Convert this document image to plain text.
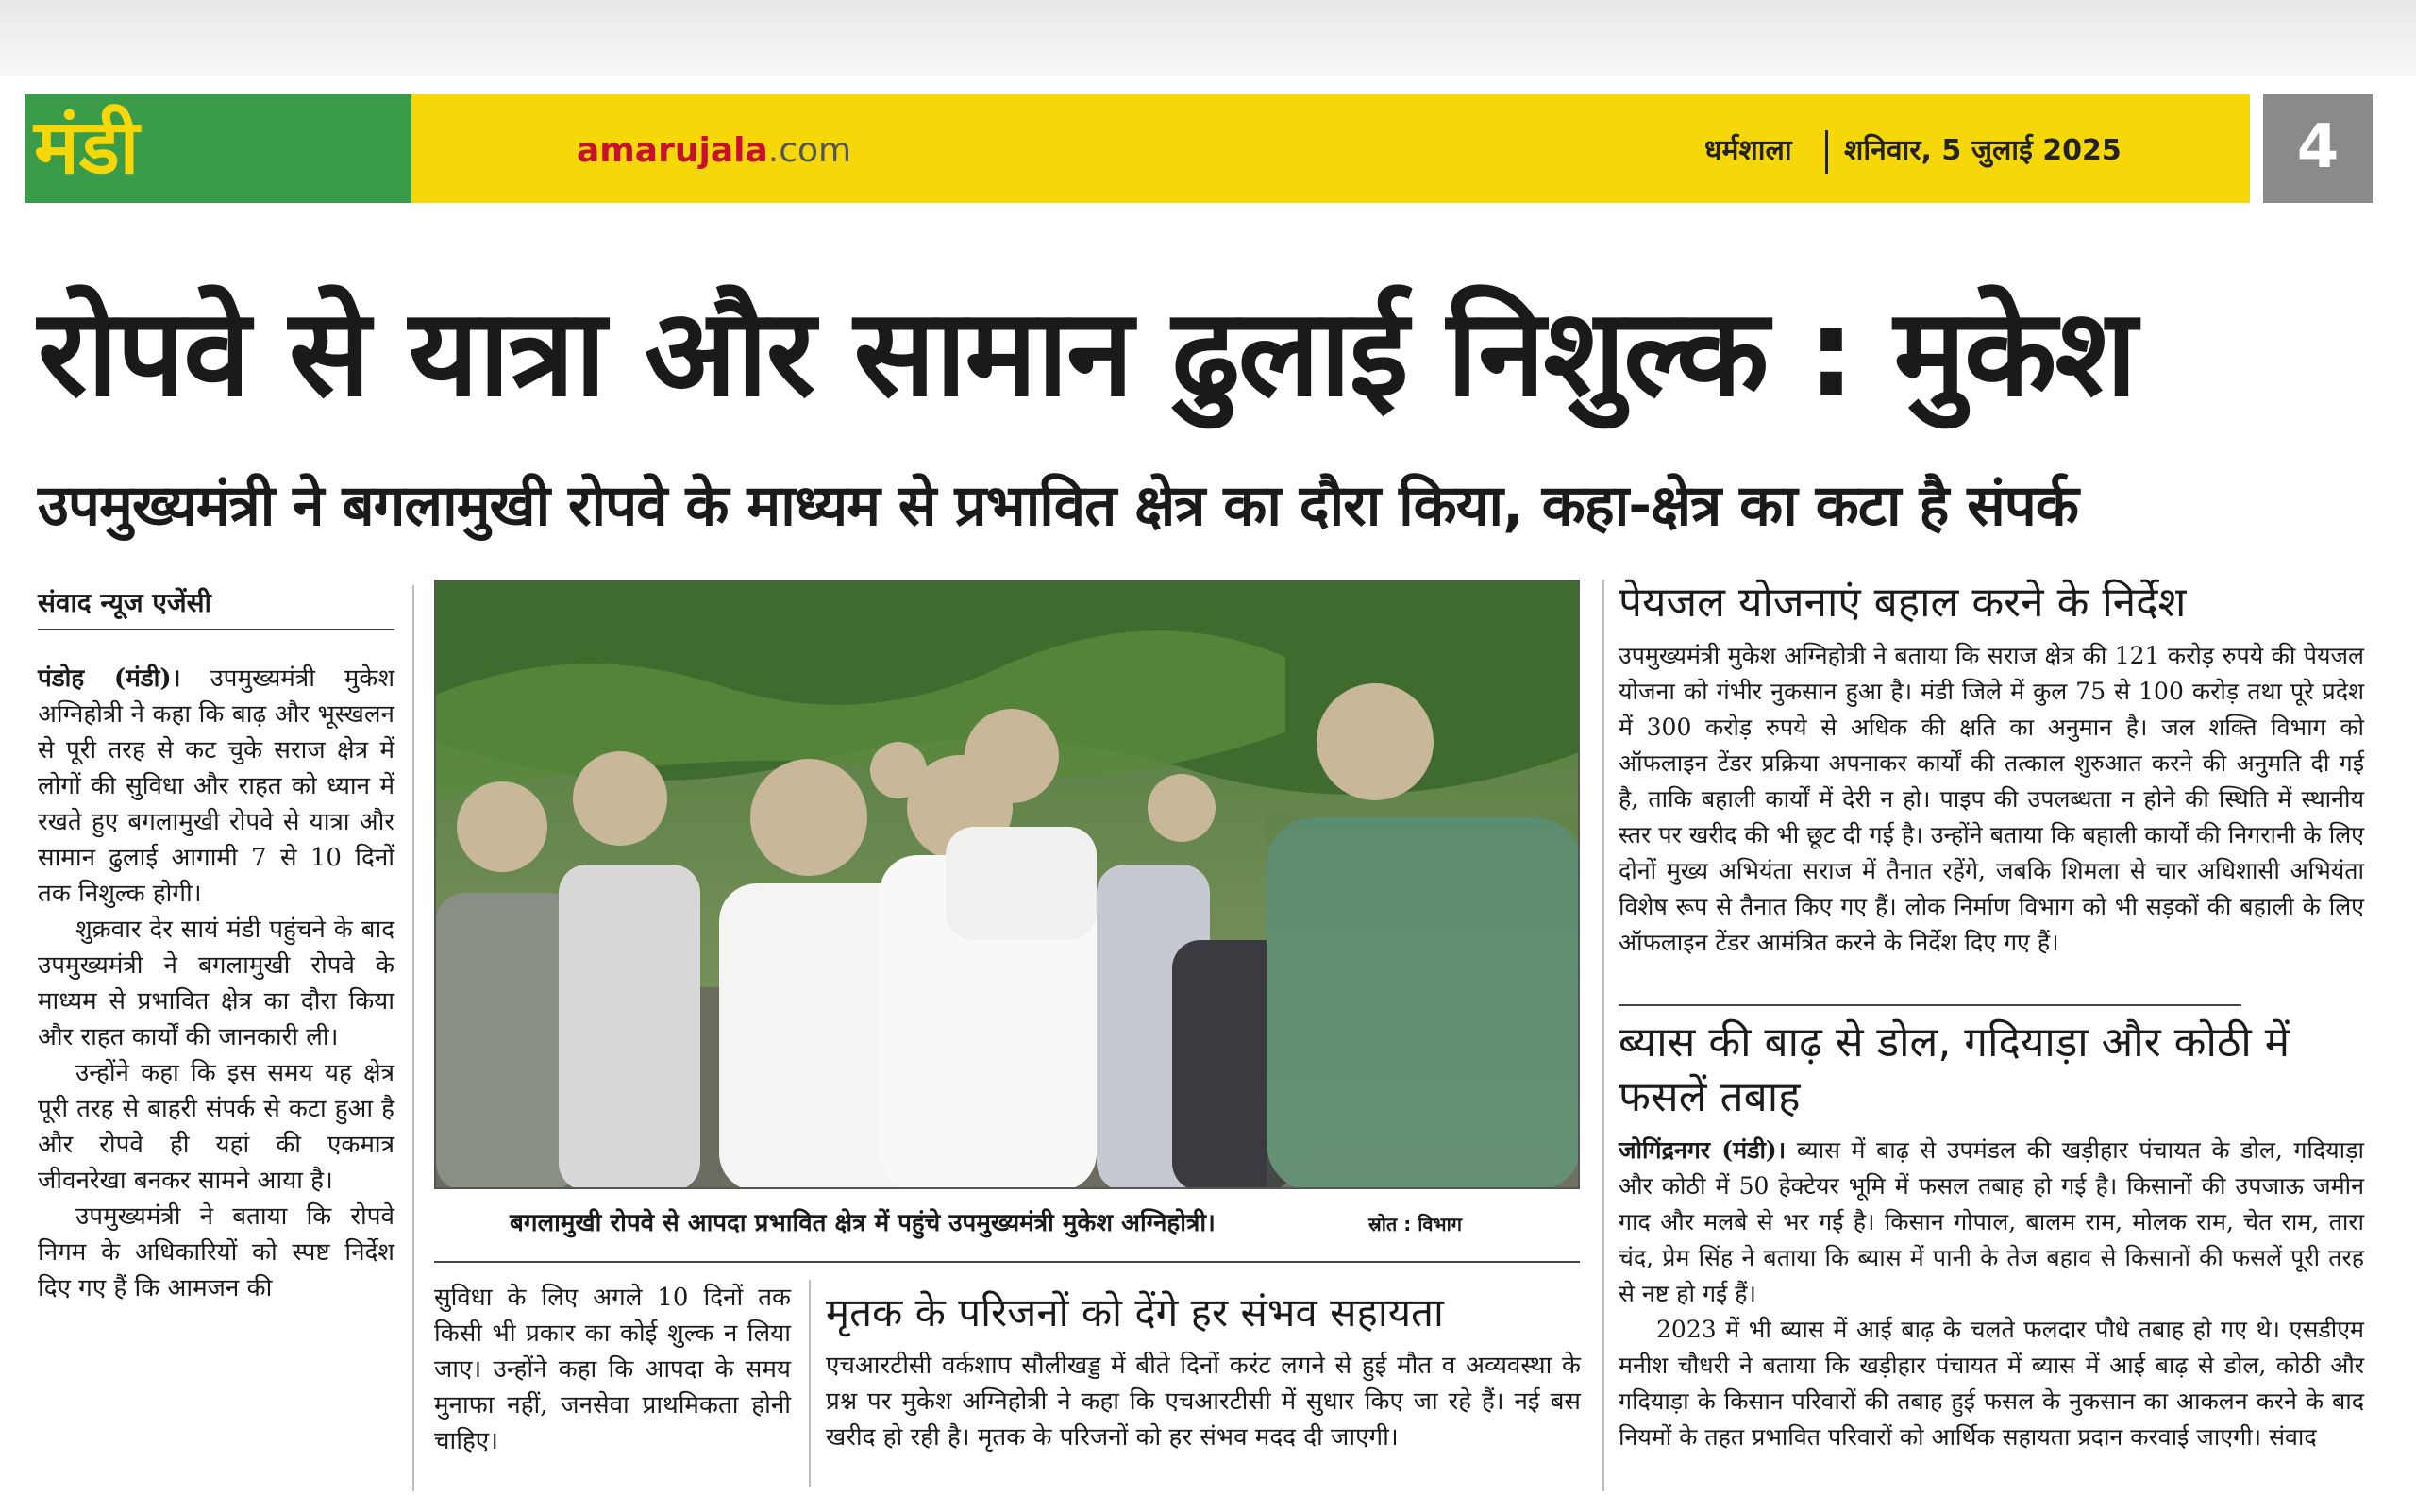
मंडी	amarujala.com	धर्मशाला शनिवार, 5 जुलाई 2025	4
रोपवे से यात्रा और सामान ढुलाई निशुल्क : मुकेश
उपमुख्यमंत्री ने बगलामुखी रोपवे के माध्यम से प्रभावित क्षेत्र का दौरा किया, कहा-क्षेत्र का कटा है संपर्क
संवाद न्यूज एजेंसी

पंडोह (मंडी)। उपमुख्यमंत्री मुकेश अग्निहोत्री ने कहा कि बाढ़ और भूस्खलन से पूरी तरह से कट चुके सराज क्षेत्र में लोगों की सुविधा और राहत को ध्यान में रखते हुए बगलामुखी रोपवे से यात्रा और सामान ढुलाई आगामी 7 से 10 दिनों तक निशुल्क होगी।

शुक्रवार देर सायं मंडी पहुंचने के बाद उपमुख्यमंत्री ने बगलामुखी रोपवे के माध्यम से प्रभावित क्षेत्र का दौरा किया और राहत कार्यों की जानकारी ली।

उन्होंने कहा कि इस समय यह क्षेत्र पूरी तरह से बाहरी संपर्क से कटा हुआ है और रोपवे ही यहां की एकमात्र जीवनरेखा बनकर सामने आया है।

उपमुख्यमंत्री ने बताया कि रोपवे निगम के अधिकारियों को स्पष्ट निर्देश दिए गए हैं कि आमजन की

बगलामुखी रोपवे से आपदा प्रभावित क्षेत्र में पहुंचे उपमुख्यमंत्री मुकेश अग्निहोत्री।	स्रोत : विभाग

सुविधा के लिए अगले 10 दिनों तक किसी भी प्रकार का कोई शुल्क न लिया जाए। उन्होंने कहा कि आपदा के समय मुनाफा नहीं, जनसेवा प्राथमिकता होनी चाहिए।

मृतक के परिजनों को देंगे हर संभव सहायता

एचआरटीसी वर्कशाप सौलीखड्ड में बीते दिनों करंट लगने से हुई मौत व अव्यवस्था के प्रश्न पर मुकेश अग्निहोत्री ने कहा कि एचआरटीसी में सुधार किए जा रहे हैं। नई बस खरीद हो रही है। मृतक के परिजनों को हर संभव मदद दी जाएगी।

पेयजल योजनाएं बहाल करने के निर्देश

उपमुख्यमंत्री मुकेश अग्निहोत्री ने बताया कि सराज क्षेत्र की 121 करोड़ रुपये की पेयजल योजना को गंभीर नुकसान हुआ है। मंडी जिले में कुल 75 से 100 करोड़ तथा पूरे प्रदेश में 300 करोड़ रुपये से अधिक की क्षति का अनुमान है। जल शक्ति विभाग को ऑफलाइन टेंडर प्रक्रिया अपनाकर कार्यों की तत्काल शुरुआत करने की अनुमति दी गई है, ताकि बहाली कार्यों में देरी न हो। पाइप की उपलब्धता न होने की स्थिति में स्थानीय स्तर पर खरीद की भी छूट दी गई है। उन्होंने बताया कि बहाली कार्यों की निगरानी के लिए दोनों मुख्य अभियंता सराज में तैनात रहेंगे, जबकि शिमला से चार अधिशासी अभियंता विशेष रूप से तैनात किए गए हैं। लोक निर्माण विभाग को भी सड़कों की बहाली के लिए ऑफलाइन टेंडर आमंत्रित करने के निर्देश दिए गए हैं।

ब्यास की बाढ़ से डोल, गदियाड़ा और कोठी में फसलें तबाह

जोगिंद्रनगर (मंडी)। ब्यास में बाढ़ से उपमंडल की खड़ीहार पंचायत के डोल, गदियाड़ा और कोठी में 50 हेक्टेयर भूमि में फसल तबाह हो गई है। किसानों की उपजाऊ जमीन गाद और मलबे से भर गई है। किसान गोपाल, बालम राम, मोलक राम, चेत राम, तारा चंद, प्रेम सिंह ने बताया कि ब्यास में पानी के तेज बहाव से किसानों की फसलें पूरी तरह से नष्ट हो गई हैं।

2023 में भी ब्यास में आई बाढ़ के चलते फलदार पौधे तबाह हो गए थे। एसडीएम मनीश चौधरी ने बताया कि खड़ीहार पंचायत में ब्यास में आई बाढ़ से डोल, कोठी और गदियाड़ा के किसान परिवारों की तबाह हुई फसल के नुकसान का आकलन करने के बाद नियमों के तहत प्रभावित परिवारों को आर्थिक सहायता प्रदान करवाई जाएगी। संवाद
